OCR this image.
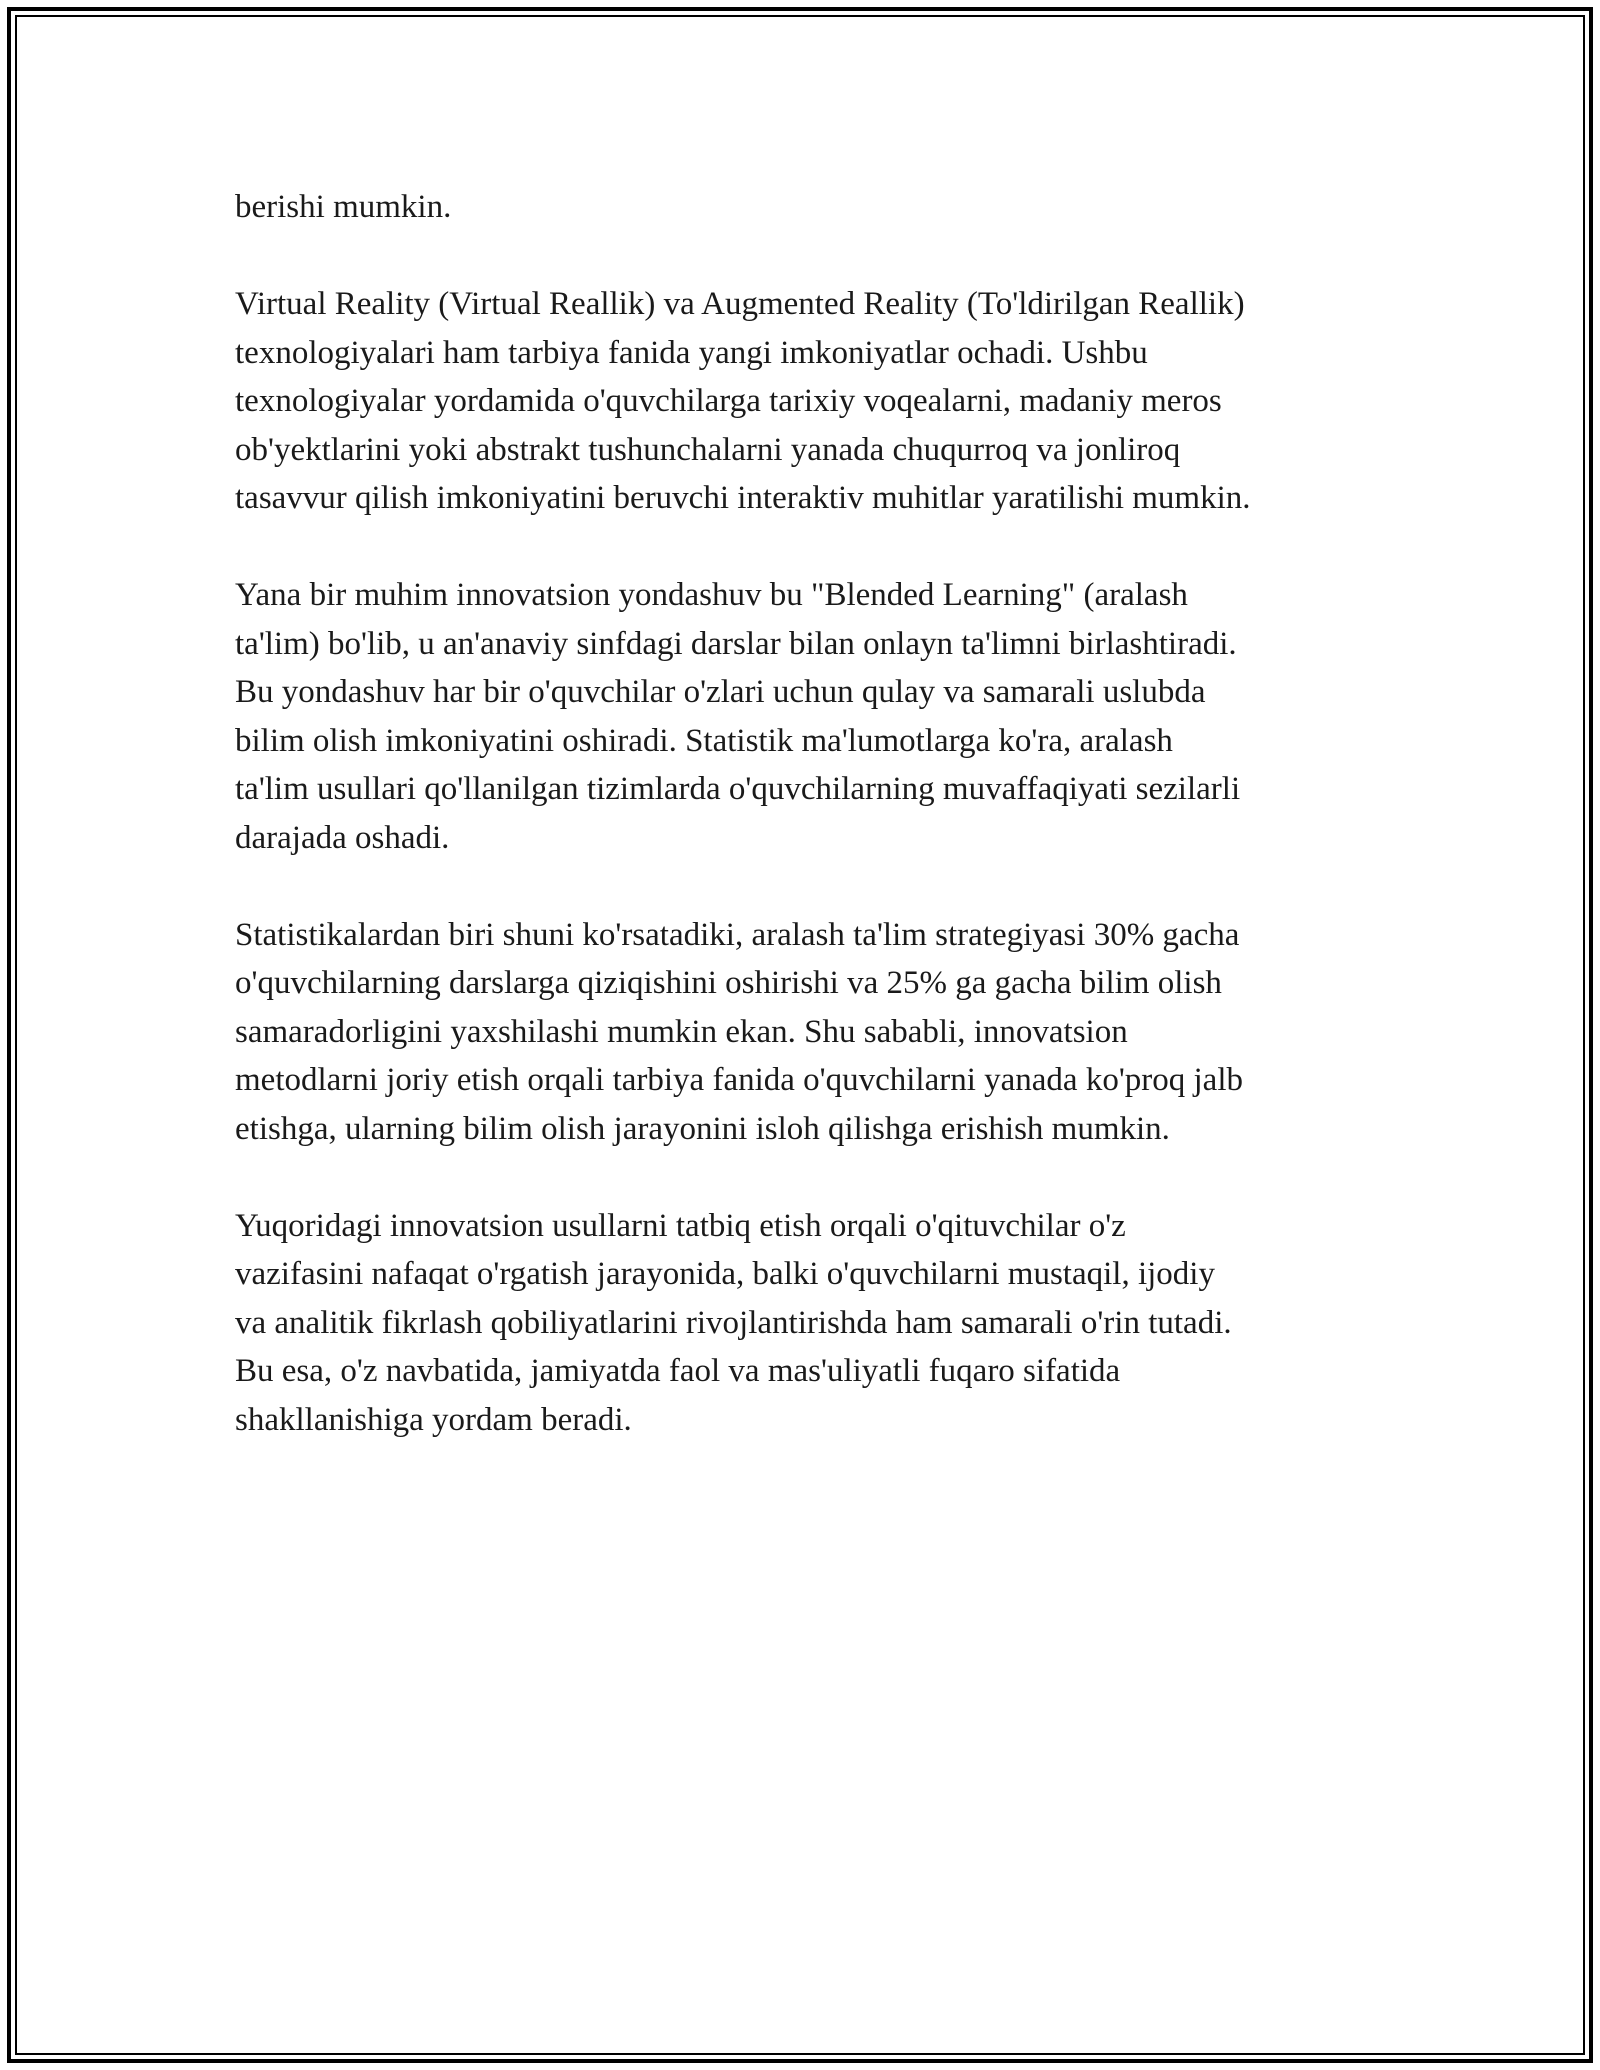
berishi mumkin.

Virtual Reality (Virtual Reallik) va Augmented Reality (To'ldirilgan Reallik)
texnologiyalari ham tarbiya fanida yangi imkoniyatlar ochadi. Ushbu
texnologiyalar yordamida o'quvchilarga tarixiy voqealarni, madaniy meros
ob'yektlarini yoki abstrakt tushunchalarni yanada chuqurroq va jonliroq
tasavvur qilish imkoniyatini beruvchi interaktiv muhitlar yaratilishi mumkin.

Yana bir muhim innovatsion yondashuv bu "Blended Learning" (aralash
ta'lim) bo'lib, u an'anaviy sinfdagi darslar bilan onlayn ta'limni birlashtiradi.
Bu yondashuv har bir o'quvchilar o'zlari uchun qulay va samarali uslubda
bilim olish imkoniyatini oshiradi. Statistik ma'lumotlarga ko'ra, aralash
ta'lim usullari qo'llanilgan tizimlarda o'quvchilarning muvaffaqiyati sezilarli
darajada oshadi.

Statistikalardan biri shuni ko'rsatadiki, aralash ta'lim strategiyasi 30% gacha
o'quvchilarning darslarga qiziqishini oshirishi va 25% ga gacha bilim olish
samaradorligini yaxshilashi mumkin ekan. Shu sababli, innovatsion
metodlarni joriy etish orqali tarbiya fanida o'quvchilarni yanada ko'proq jalb
etishga, ularning bilim olish jarayonini isloh qilishga erishish mumkin.

Yuqoridagi innovatsion usullarni tatbiq etish orqali o'qituvchilar o'z
vazifasini nafaqat o'rgatish jarayonida, balki o'quvchilarni mustaqil, ijodiy
va analitik fikrlash qobiliyatlarini rivojlantirishda ham samarali o'rin tutadi.
Bu esa, o'z navbatida, jamiyatda faol va mas'uliyatli fuqaro sifatida
shakllanishiga yordam beradi.
